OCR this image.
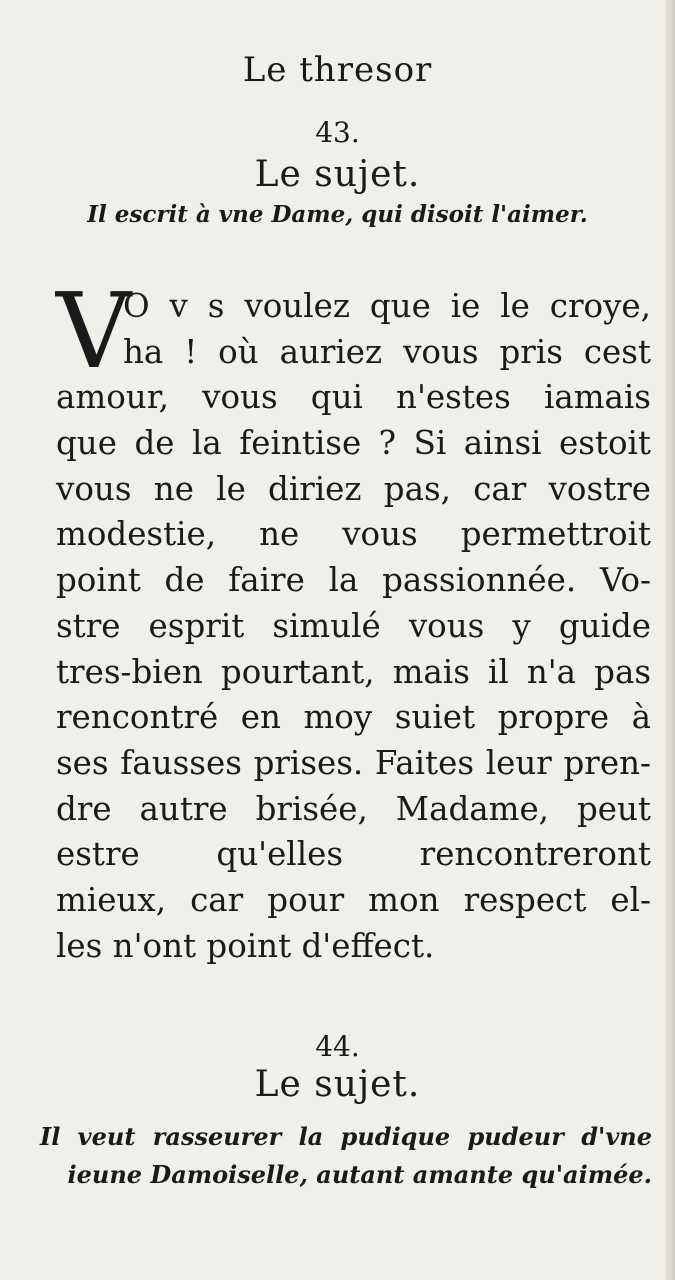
Le thresor
43.
Le sujet.
Il escrit à vne Dame, qui disoit l'aimer.
V
O v s voulez que ie le croye,
ha ! où auriez vous pris cest
amour, vous qui n'estes iamais
que de la feintise ? Si ainsi estoit
vous ne le diriez pas, car vostre
modestie, ne vous permettroit
point de faire la passionnée. Vo-
stre esprit simulé vous y guide
tres-bien pourtant, mais il n'a pas
rencontré en moy suiet propre à
ses fausses prises. Faites leur pren-
dre autre brisée, Madame, peut
estre qu'elles rencontreront
mieux, car pour mon respect el-
les n'ont point d'effect.
44.
Le sujet.
Il veut rasseurer la pudique pudeur d'vne
ieune Damoiselle, autant amante qu'aimée.
